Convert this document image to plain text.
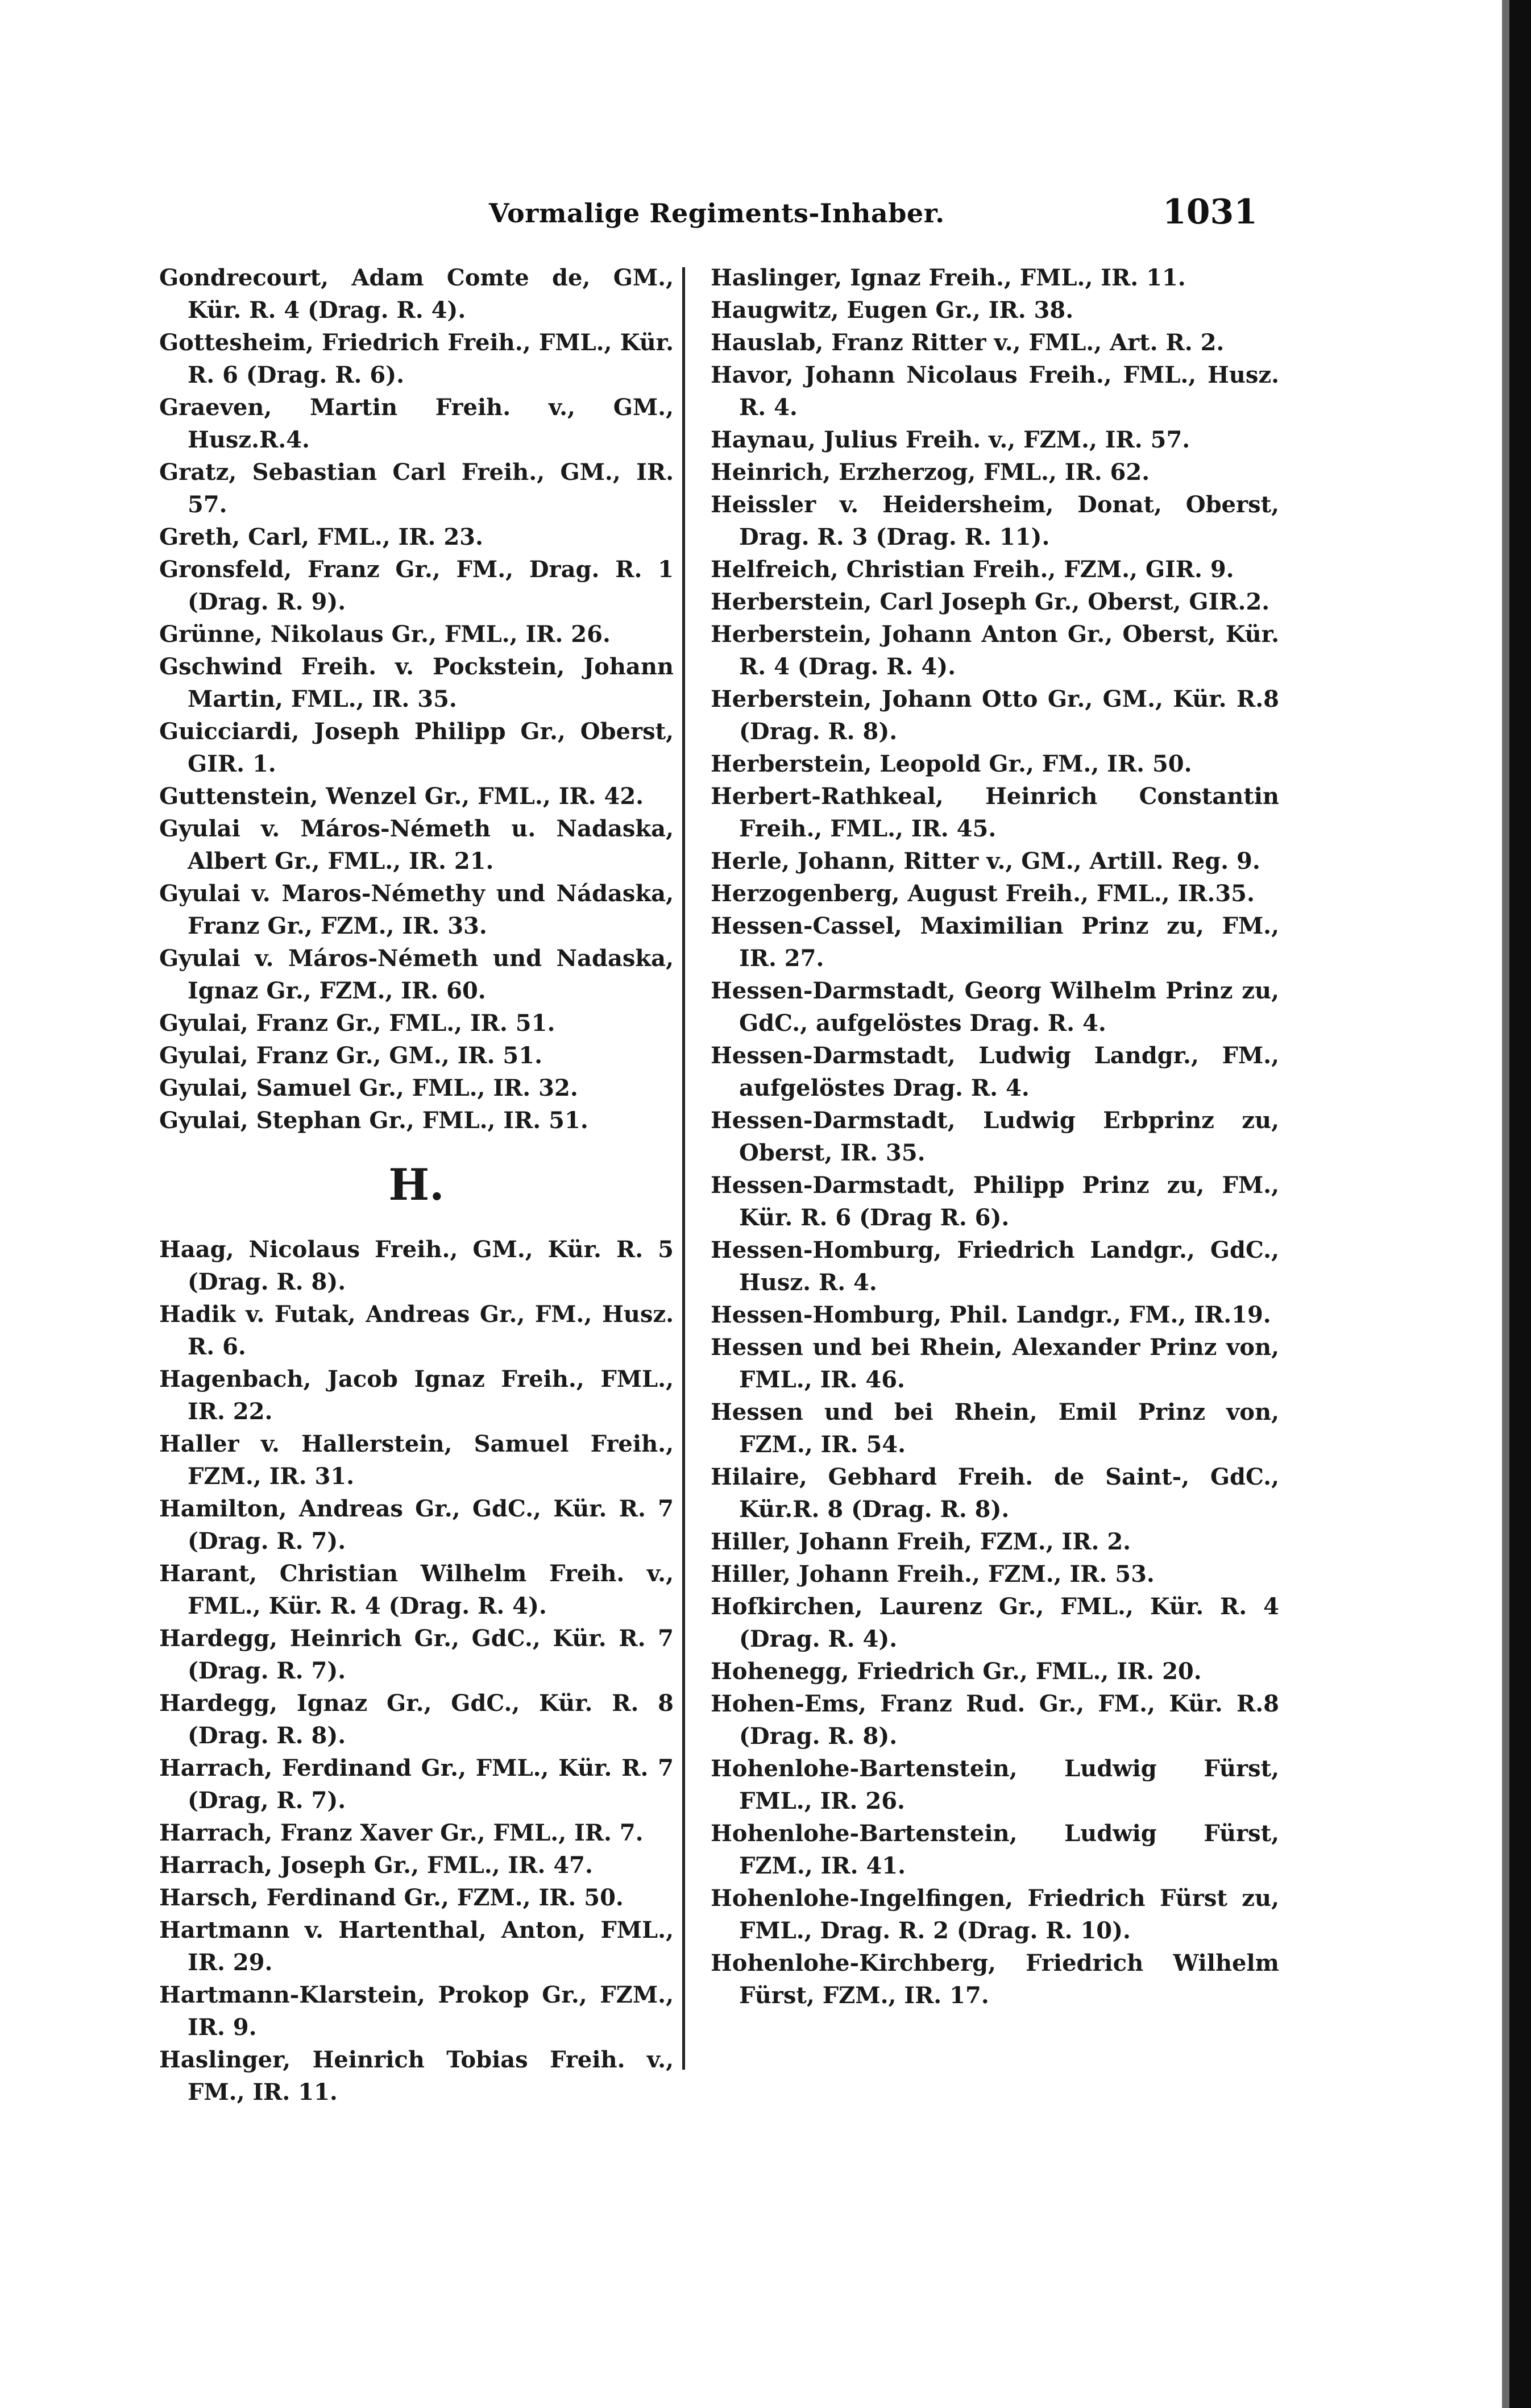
Vormalige Regiments-Inhaber.	1031

Gondrecourt, Adam Comte de, GM., Kür. R. 4 (Drag. R. 4).

Gottesheim, Friedrich Freih., FML., Kür. R. 6 (Drag. R. 6).

Graeven, Martin Freih. v., GM., Husz.R.4.

Gratz, Sebastian Carl Freih., GM., IR. 57.

Greth, Carl, FML., IR. 23.

Gronsfeld, Franz Gr., FM., Drag. R. 1 (Drag. R. 9).

Grünne, Nikolaus Gr., FML., IR. 26.

Gschwind Freih. v. Pockstein, Johann Martin, FML., IR. 35.

Guicciardi, Joseph Philipp Gr., Oberst, GIR. 1.

Guttenstein, Wenzel Gr., FML., IR. 42.

Gyulai v. Máros-Németh u. Nadaska, Albert Gr., FML., IR. 21.

Gyulai v. Maros-Némethy und Nádaska, Franz Gr., FZM., IR. 33.

Gyulai v. Máros-Németh und Nadaska, Ignaz Gr., FZM., IR. 60.

Gyulai, Franz Gr., FML., IR. 51.

Gyulai, Franz Gr., GM., IR. 51.

Gyulai, Samuel Gr., FML., IR. 32.

Gyulai, Stephan Gr., FML., IR. 51.

H.

Haag, Nicolaus Freih., GM., Kür. R. 5 (Drag. R. 8).

Hadik v. Futak, Andreas Gr., FM., Husz. R. 6.

Hagenbach, Jacob Ignaz Freih., FML., IR. 22.

Haller v. Hallerstein, Samuel Freih., FZM., IR. 31.

Hamilton, Andreas Gr., GdC., Kür. R. 7 (Drag. R. 7).

Harant, Christian Wilhelm Freih. v., FML., Kür. R. 4 (Drag. R. 4).

Hardegg, Heinrich Gr., GdC., Kür. R. 7 (Drag. R. 7).

Hardegg, Ignaz Gr., GdC., Kür. R. 8 (Drag. R. 8).

Harrach, Ferdinand Gr., FML., Kür. R. 7 (Drag, R. 7).

Harrach, Franz Xaver Gr., FML., IR. 7.

Harrach, Joseph Gr., FML., IR. 47.

Harsch, Ferdinand Gr., FZM., IR. 50.

Hartmann v. Hartenthal, Anton, FML., IR. 29.

Hartmann-Klarstein, Prokop Gr., FZM., IR. 9.

Haslinger, Heinrich Tobias Freih. v., FM., IR. 11.

Haslinger, Ignaz Freih., FML., IR. 11.

Haugwitz, Eugen Gr., IR. 38.

Hauslab, Franz Ritter v., FML., Art. R. 2.

Havor, Johann Nicolaus Freih., FML., Husz. R. 4.

Haynau, Julius Freih. v., FZM., IR. 57.

Heinrich, Erzherzog, FML., IR. 62.

Heissler v. Heidersheim, Donat, Oberst, Drag. R. 3 (Drag. R. 11).

Helfreich, Christian Freih., FZM., GIR. 9.

Herberstein, Carl Joseph Gr., Oberst, GIR.2.

Herberstein, Johann Anton Gr., Oberst, Kür. R. 4 (Drag. R. 4).

Herberstein, Johann Otto Gr., GM., Kür. R.8 (Drag. R. 8).

Herberstein, Leopold Gr., FM., IR. 50.

Herbert-Rathkeal, Heinrich Constantin Freih., FML., IR. 45.

Herle, Johann, Ritter v., GM., Artill. Reg. 9.

Herzogenberg, August Freih., FML., IR.35.

Hessen-Cassel, Maximilian Prinz zu, FM., IR. 27.

Hessen-Darmstadt, Georg Wilhelm Prinz zu, GdC., aufgelöstes Drag. R. 4.

Hessen-Darmstadt, Ludwig Landgr., FM., aufgelöstes Drag. R. 4.

Hessen-Darmstadt, Ludwig Erbprinz zu, Oberst, IR. 35.

Hessen-Darmstadt, Philipp Prinz zu, FM., Kür. R. 6 (Drag R. 6).

Hessen-Homburg, Friedrich Landgr., GdC., Husz. R. 4.

Hessen-Homburg, Phil. Landgr., FM., IR.19.

Hessen und bei Rhein, Alexander Prinz von, FML., IR. 46.

Hessen und bei Rhein, Emil Prinz von, FZM., IR. 54.

Hilaire, Gebhard Freih. de Saint-, GdC., Kür.R. 8 (Drag. R. 8).

Hiller, Johann Freih, FZM., IR. 2.

Hiller, Johann Freih., FZM., IR. 53.

Hofkirchen, Laurenz Gr., FML., Kür. R. 4 (Drag. R. 4).

Hohenegg, Friedrich Gr., FML., IR. 20.

Hohen-Ems, Franz Rud. Gr., FM., Kür. R.8 (Drag. R. 8).

Hohenlohe-Bartenstein, Ludwig Fürst, FML., IR. 26.

Hohenlohe-Bartenstein, Ludwig Fürst, FZM., IR. 41.

Hohenlohe-Ingelfingen, Friedrich Fürst zu, FML., Drag. R. 2 (Drag. R. 10).

Hohenlohe-Kirchberg, Friedrich Wilhelm Fürst, FZM., IR. 17.
